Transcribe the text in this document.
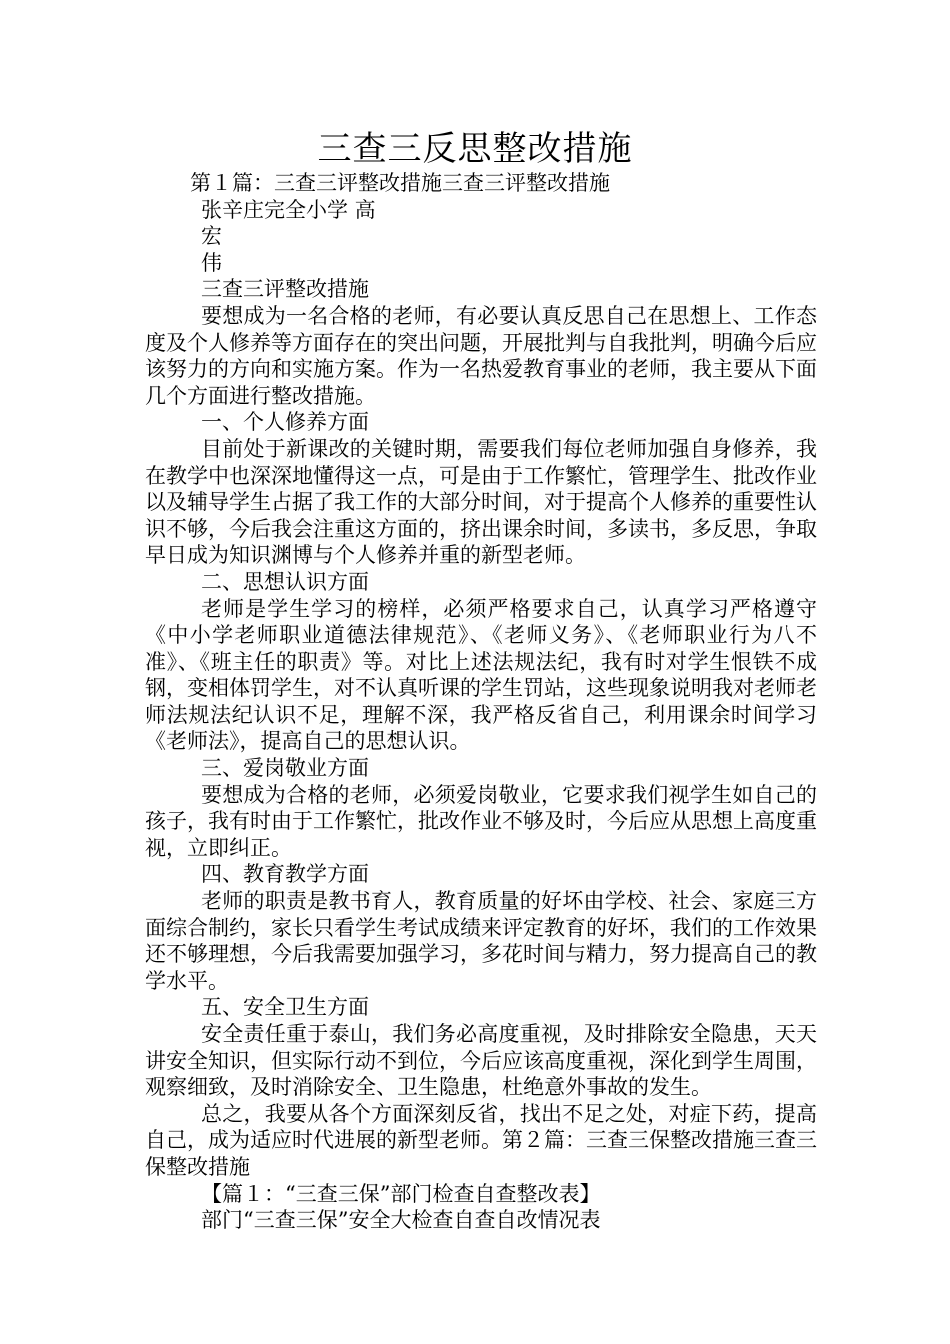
三查三反思整改措施

第１篇：三查三评整改措施三查三评整改措施

张辛庄完全小学 高

宏

伟

三查三评整改措施

要想成为一名合格的老师，有必要认真反思自己在思想上、工作态度及个人修养等方面存在的突出问题，开展批判与自我批判，明确今后应该努力的方向和实施方案。作为一名热爱教育事业的老师，我主要从下面几个方面进行整改措施。

一、个人修养方面

目前处于新课改的关键时期，需要我们每位老师加强自身修养，我在教学中也深深地懂得这一点，可是由于工作繁忙，管理学生、批改作业以及辅导学生占据了我工作的大部分时间，对于提高个人修养的重要性认识不够，今后我会注重这方面的，挤出课余时间，多读书，多反思，争取早日成为知识渊博与个人修养并重的新型老师。

二、思想认识方面

老师是学生学习的榜样，必须严格要求自己，认真学习严格遵守《中小学老师职业道德法律规范》、《老师义务》、《老师职业行为八不准》、《班主任的职责》等。对比上述法规法纪，我有时对学生恨铁不成钢，变相体罚学生，对不认真听课的学生罚站，这些现象说明我对老师老师法规法纪认识不足，理解不深，我严格反省自己，利用课余时间学习《老师法》，提高自己的思想认识。

三、爱岗敬业方面

要想成为合格的老师，必须爱岗敬业，它要求我们视学生如自己的孩子，我有时由于工作繁忙，批改作业不够及时，今后应从思想上高度重视，立即纠正。

四、教育教学方面

老师的职责是教书育人，教育质量的好坏由学校、社会、家庭三方面综合制约，家长只看学生考试成绩来评定教育的好坏，我们的工作效果还不够理想，今后我需要加强学习，多花时间与精力，努力提高自己的教学水平。

五、安全卫生方面

安全责任重于泰山，我们务必高度重视，及时排除安全隐患，天天讲安全知识，但实际行动不到位，今后应该高度重视，深化到学生周围，观察细致，及时消除安全、卫生隐患，杜绝意外事故的发生。

总之，我要从各个方面深刻反省，找出不足之处，对症下药，提高自己，成为适应时代进展的新型老师。第２篇：三查三保整改措施三查三保整改措施

【篇１：“三查三保”部门检查自查整改表】

部门“三查三保”安全大检查自查自改情况表
